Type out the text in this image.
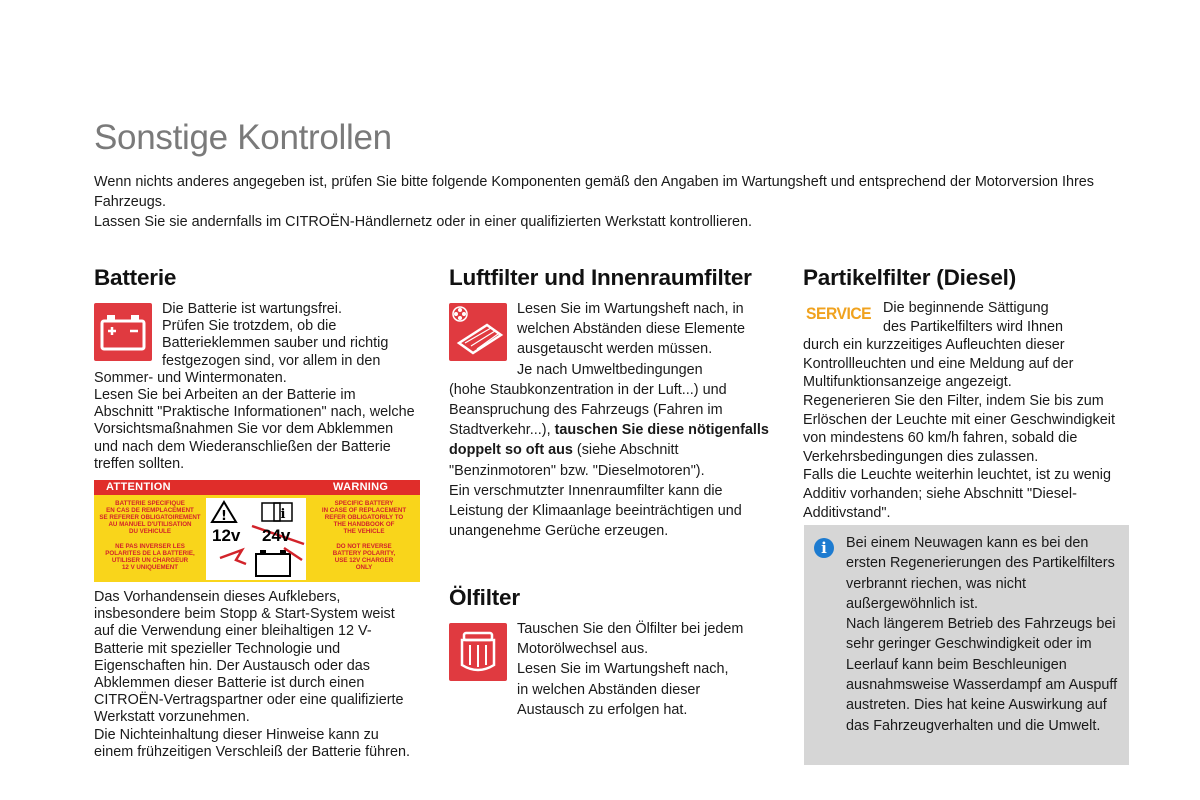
Sonstige Kontrollen

Wenn nichts anderes angegeben ist, prüfen Sie bitte folgende Komponenten gemäß den Angaben im Wartungsheft und entsprechend der Motorversion Ihres Fahrzeugs.

Lassen Sie sie andernfalls im CITROËN-Händlernetz oder in einer qualifizierten Werkstatt kontrollieren.

Batterie

Die Batterie ist wartungsfrei.

Prüfen Sie trotzdem, ob die

Batterieklemmen sauber und richtig

festgezogen sind, vor allem in den

Sommer- und Wintermonaten.

Lesen Sie bei Arbeiten an der Batterie im Abschnitt "Praktische Informationen" nach, welche Vorsichtsmaßnahmen Sie vor dem Abklemmen und nach dem Wiederanschließen der Batterie treffen sollten.

ATTENTION	WARNING
BATTERIE SPECIFIQUE
EN CAS DE REMPLACEMENT
SE REFERER OBLIGATOIREMENT
AU MANUEL D'UTILISATION
DU VEHICULE
NE PAS INVERSER LES
POLARITES DE LA BATTERIE,
UTILISER UN CHARGEUR
12 V UNIQUEMENT
SPECIFIC BATTERY
IN CASE OF REPLACEMENT
REFER OBLIGATORILY TO
THE HANDBOOK OF
THE VEHICLE
DO NOT REVERSE
BATTERY POLARITY,
USE 12V CHARGER
ONLY
!	i
12v 24v

Das Vorhandensein dieses Aufklebers, insbesondere beim Stopp & Start-System weist auf die Verwendung einer bleihaltigen 12 V-Batterie mit spezieller Technologie und Eigenschaften hin. Der Austausch oder das Abklemmen dieser Batterie ist durch einen CITROËN-Vertragspartner oder eine qualifizierte Werkstatt vorzunehmen.

Die Nichteinhaltung dieser Hinweise kann zu einem frühzeitigen Verschleiß der Batterie führen.

Luftfilter und Innenraumfilter

Lesen Sie im Wartungsheft nach, in

welchen Abständen diese Elemente

ausgetauscht werden müssen.

Je nach Umweltbedingungen

(hohe Staubkonzentration in der Luft...) und Beanspruchung des Fahrzeugs (Fahren im Stadtverkehr...), tauschen Sie diese nötigenfalls doppelt so oft aus (siehe Abschnitt "Benzinmotoren" bzw. "Dieselmotoren").

Ein verschmutzter Innenraumfilter kann die Leistung der Klimaanlage beeinträchtigen und unangenehme Gerüche erzeugen.

Ölfilter

Tauschen Sie den Ölfilter bei jedem

Motorölwechsel aus.

Lesen Sie im Wartungsheft nach,

in welchen Abständen dieser

Austausch zu erfolgen hat.

Partikelfilter (Diesel)
SERVICE Die beginnende Sättigung

des Partikelfilters wird Ihnen

durch ein kurzzeitiges Aufleuchten dieser Kontrollleuchten und eine Meldung auf der Multifunktionsanzeige angezeigt.

Regenerieren Sie den Filter, indem Sie bis zum Erlöschen der Leuchte mit einer Geschwindigkeit von mindestens 60 km/h fahren, sobald die Verkehrsbedingungen dies zulassen.

Falls die Leuchte weiterhin leuchtet, ist zu wenig Additiv vorhanden; siehe Abschnitt "Diesel-Additivstand".

i	Bei einem Neuwagen kann es bei den ersten Regenerierungen des Partikelfilters verbrannt riechen, was nicht außergewöhnlich ist.

Nach längerem Betrieb des Fahrzeugs bei sehr geringer Geschwindigkeit oder im Leerlauf kann beim Beschleunigen ausnahmsweise Wasserdampf am Auspuff austreten. Dies hat keine Auswirkung auf das Fahrzeugverhalten und die Umwelt.
